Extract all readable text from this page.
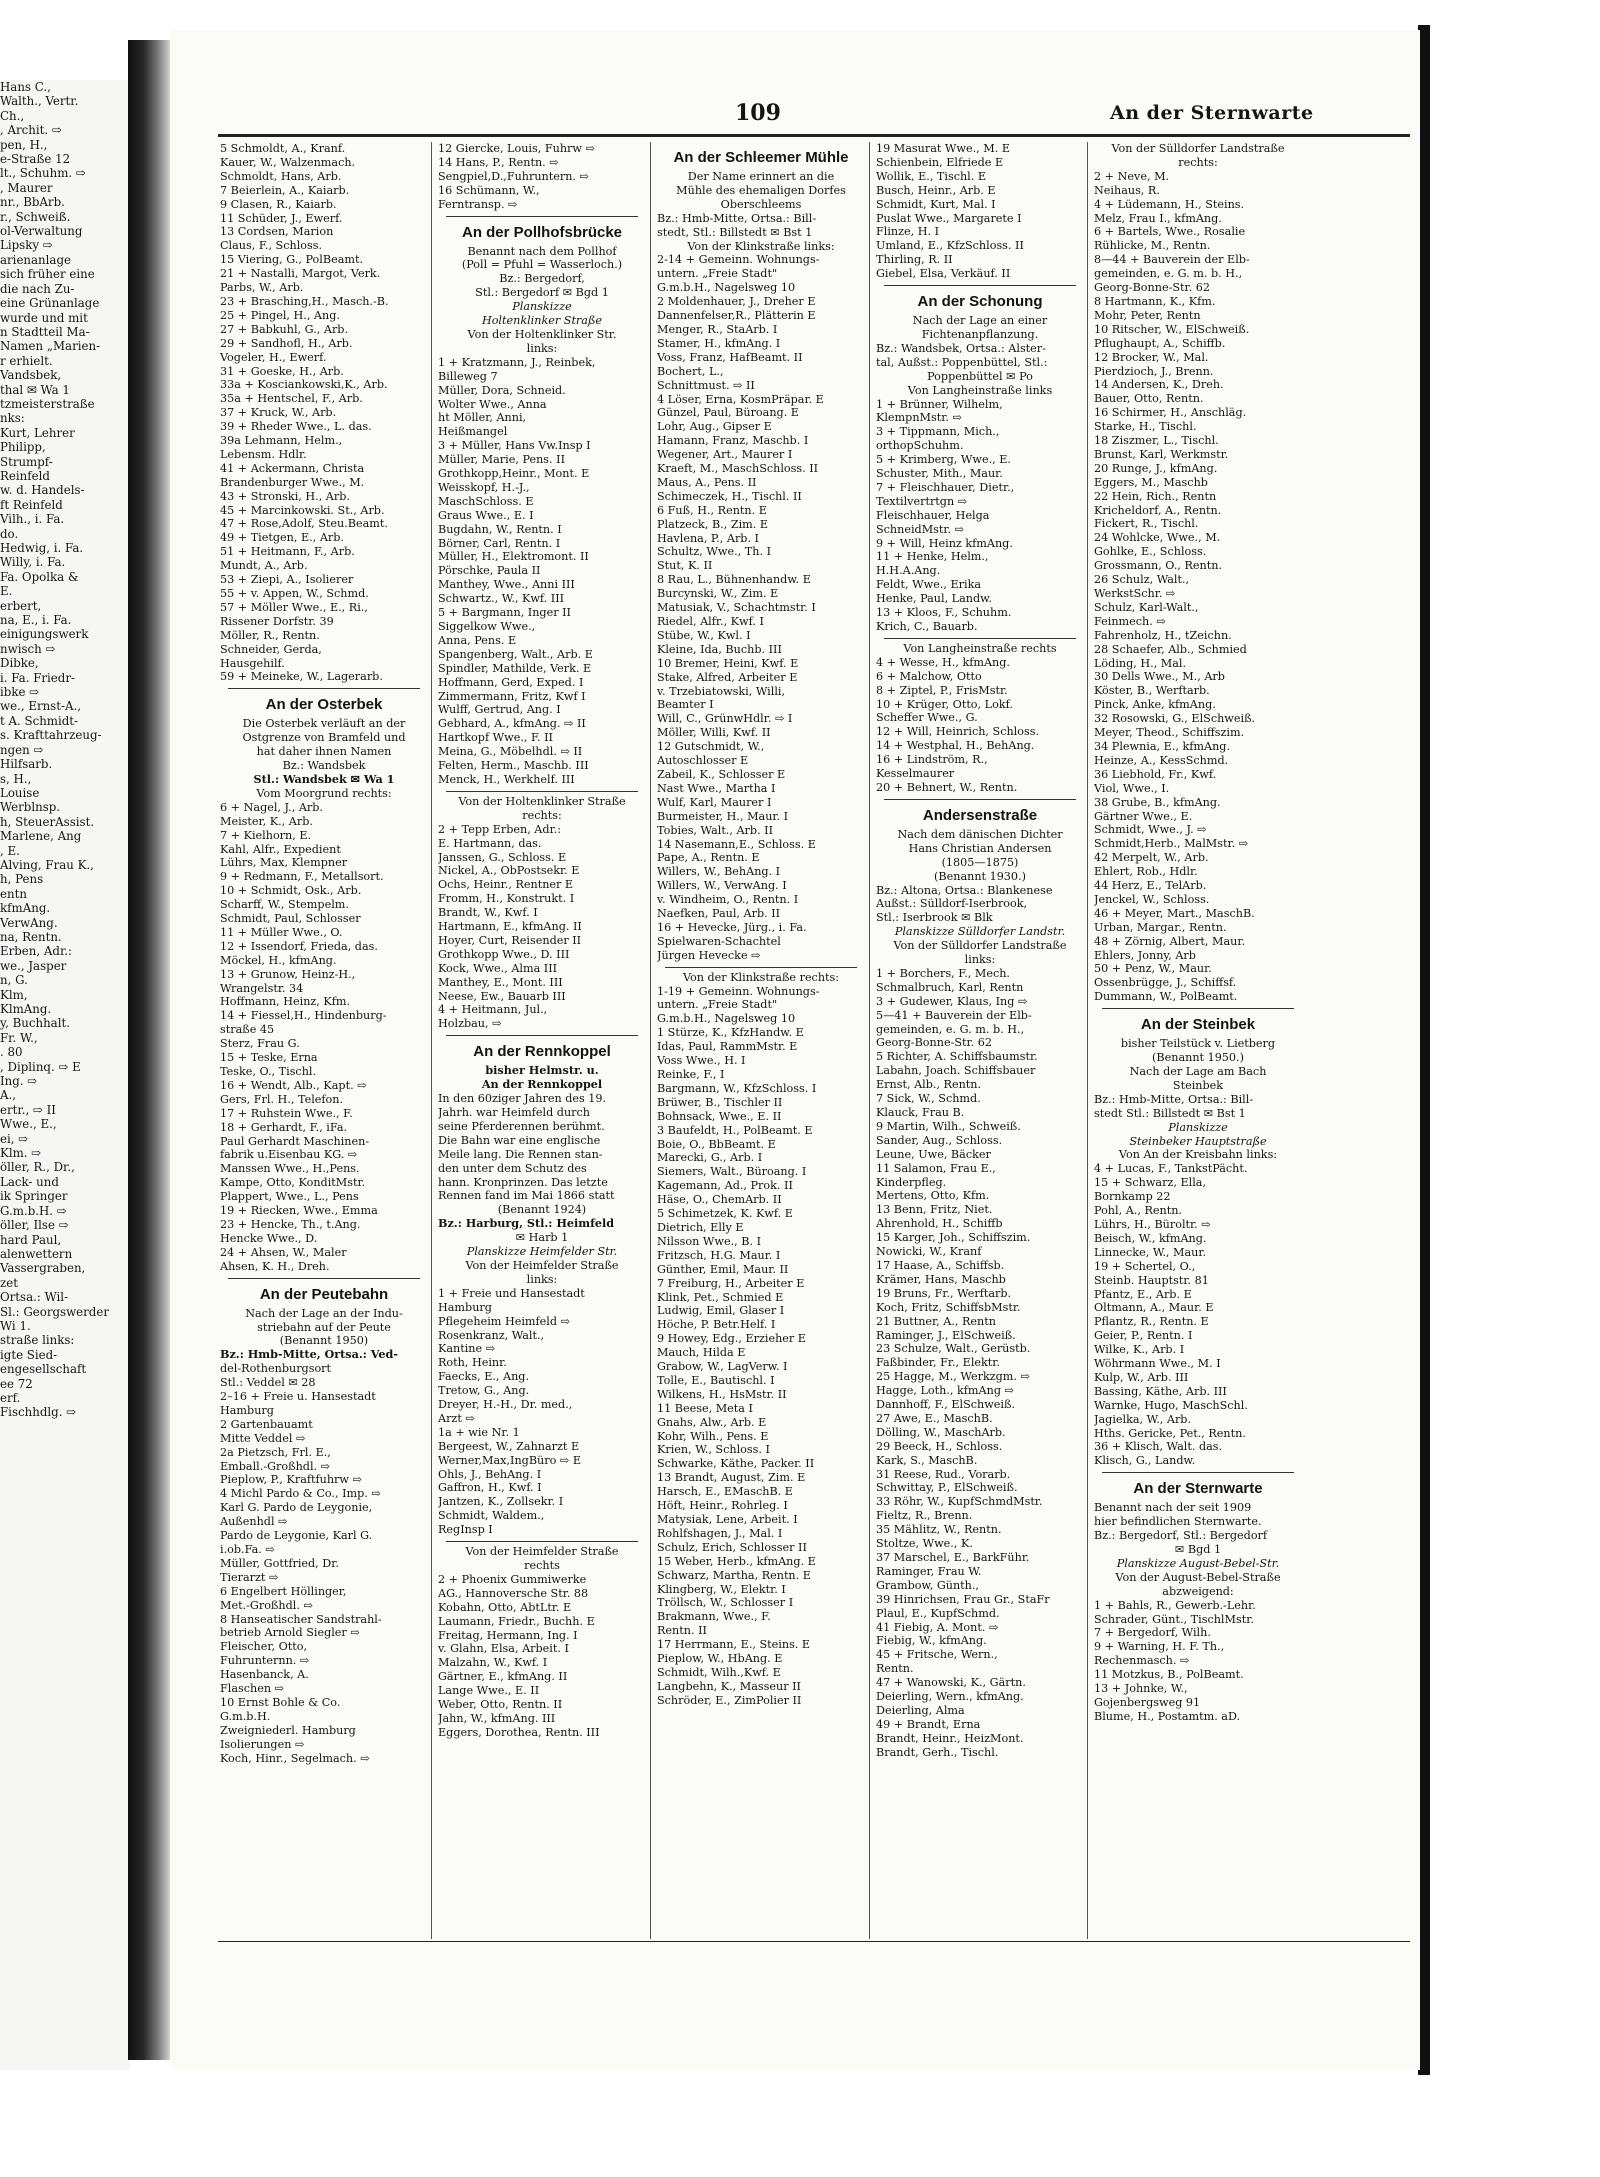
Hans C.,
Walth., Vertr.
Ch.,
, Archit. ⇨
pen, H.,
e-Straße 12
lt., Schuhm. ⇨
, Maurer
nr., BbArb.
r., Schweiß.
ol-Verwaltung
Lipsky ⇨
arienanlage
sich früher eine
die nach Zu-
eine Grünanlage
wurde und mit
n Stadtteil Ma-
Namen „Marien-
r erhielt.
Vandsbek,
thal ✉ Wa 1
tzmeisterstraße
nks:
Kurt, Lehrer
Philipp,
Strumpf-
Reinfeld
w. d. Handels-
ft Reinfeld
Vilh., i. Fa.
do.
Hedwig, i. Fa.
Willy, i. Fa.
Fa. Opolka &
E.
erbert,
na, E., i. Fa.
einigungswerk
nwisch ⇨
Dibke,
i. Fa. Friedr-
ibke ⇨
we., Ernst-A.,
t A. Schmidt-
s. Krafttahrzeug-
ngen ⇨
Hilfsarb.
s, H.,
Louise
Werblnsp.
h, SteuerAssist.
Marlene, Ang
, E.
Alving, Frau K.,
h, Pens
entn
kfmAng.
VerwAng.
na, Rentn.
Erben, Adr.:
we., Jasper
n, G.
Klm,
KlmAng.
y, Buchhalt.
Fr. W.,
. 80
, Diplinq. ⇨ E
Ing. ⇨
A.,
ertr., ⇨ II
Wwe., E.,
ei, ⇨
Klm. ⇨
öller, R., Dr.,
Lack- und
ik Springer
G.m.b.H. ⇨
öller, Ilse ⇨
hard Paul,
alenwettern
Vassergraben,
zet
Ortsa.: Wil-
Sl.: Georgswerder
Wi 1.
straße links:
igte Sied-
engesellschaft
ee 72
erf.
Fischhdlg. ⇨
109	An der Sternwarte
5 Schmoldt, A., Kranf.
Kauer, W., Walzenmach.
Schmoldt, Hans, Arb.
7 Beierlein, A., Kaiarb.
9 Clasen, R., Kaiarb.
11 Schüder, J., Ewerf.
13 Cordsen, Marion
Claus, F., Schloss.
15 Viering, G., PolBeamt.
21 + Nastalli, Margot, Verk.
Parbs, W., Arb.
23 + Brasching,H., Masch.-B.
25 + Pingel, H., Ang.
27 + Babkuhl, G., Arb.
29 + Sandhofl, H., Arb.
Vogeler, H., Ewerf.
31 + Goeske, H., Arb.
33a + Kosciankowski,K., Arb.
35a + Hentschel, F., Arb.
37 + Kruck, W., Arb.
39 + Rheder Wwe., L. das.
39a Lehmann, Helm.,
Lebensm. Hdlr.
41 + Ackermann, Christa
Brandenburger Wwe., M.
43 + Stronski, H., Arb.
45 + Marcinkowski. St., Arb.
47 + Rose,Adolf, Steu.Beamt.
49 + Tietgen, E., Arb.
51 + Heitmann, F., Arb.
Mundt, A., Arb.
53 + Ziepi, A., Isolierer
55 + v. Appen, W., Schmd.
57 + Möller Wwe., E., Ri.,
Rissener Dorfstr. 39
Möller, R., Rentn.
Schneider, Gerda,
Hausgehilf.
59 + Meineke, W., Lagerarb.
An der Osterbek
Die Osterbek verläuft an der
Ostgrenze von Bramfeld und
hat daher ihnen Namen
Bz.: Wandsbek
Stl.: Wandsbek ✉ Wa 1
Vom Moorgrund rechts:
6 + Nagel, J., Arb.
Meister, K., Arb.
7 + Kielhorn, E.
Kahl, Alfr., Expedient
Lührs, Max, Klempner
9 + Redmann, F., Metallsort.
10 + Schmidt, Osk., Arb.
Scharff, W., Stempelm.
Schmidt, Paul, Schlosser
11 + Müller Wwe., O.
12 + Issendorf, Frieda, das.
Möckel, H., kfmAng.
13 + Grunow, Heinz-H.,
Wrangelstr. 34
Hoffmann, Heinz, Kfm.
14 + Fiessel,H., Hindenburg-
straße 45
Sterz, Frau G.
15 + Teske, Erna
Teske, O., Tischl.
16 + Wendt, Alb., Kapt. ⇨
Gers, Frl. H., Telefon.
17 + Ruhstein Wwe., F.
18 + Gerhardt, F., iFa.
Paul Gerhardt Maschinen-
fabrik u.Eisenbau KG. ⇨
Manssen Wwe., H.,Pens.
Kampe, Otto, KonditMstr.
Plappert, Wwe., L., Pens
19 + Riecken, Wwe., Emma
23 + Hencke, Th., t.Ang.
Hencke Wwe., D.
24 + Ahsen, W., Maler
Ahsen, K. H., Dreh.
An der Peutebahn
Nach der Lage an der Indu-
striebahn auf der Peute
(Benannt 1950)
Bz.: Hmb-Mitte, Ortsa.: Ved-
del-Rothenburgsort
Stl.: Veddel ✉ 28
2–16 + Freie u. Hansestadt
Hamburg
2 Gartenbauamt
Mitte Veddel ⇨
2a Pietzsch, Frl. E.,
Emball.-Großhdl. ⇨
Pieplow, P., Kraftfuhrw ⇨
4 Michl Pardo & Co., Imp. ⇨
Karl G. Pardo de Leygonie,
Außenhdl ⇨
Pardo de Leygonie, Karl G.
i.ob.Fa. ⇨
Müller, Gottfried, Dr.
Tierarzt ⇨
6 Engelbert Höllinger,
Met.-Großhdl. ⇨
8 Hanseatischer Sandstrahl-
betrieb Arnold Siegler ⇨
Fleischer, Otto,
Fuhrunternn. ⇨
Hasenbanck, A.
Flaschen ⇨
10 Ernst Bohle & Co.
G.m.b.H.
Zweigniederl. Hamburg
Isolierungen ⇨
Koch, Hinr., Segelmach. ⇨
12 Giercke, Louis, Fuhrw ⇨
14 Hans, P., Rentn. ⇨
Sengpiel,D.,Fuhruntern. ⇨
16 Schümann, W.,
Ferntransp. ⇨
An der Pollhofsbrücke
Benannt nach dem Pollhof
(Poll = Pfuhl = Wasserloch.)
Bz.: Bergedorf,
Stl.: Bergedorf ✉ Bgd 1
Planskizze
Holtenklinker Straße
Von der Holtenklinker Str.
links:
1 + Kratzmann, J., Reinbek,
Billeweg 7
Müller, Dora, Schneid.
Wolter Wwe., Anna
ht Möller, Anni,
Heißmangel
3 + Müller, Hans Vw.Insp I
Müller, Marie, Pens. II
Grothkopp,Heinr., Mont. E
Weisskopf, H.-J.,
MaschSchloss. E
Graus Wwe., E. I
Bugdahn, W., Rentn. I
Börner, Carl, Rentn. I
Müller, H., Elektromont. II
Pörschke, Paula II
Manthey, Wwe., Anni III
Schwartz., W., Kwf. III
5 + Bargmann, Inger II
Siggelkow Wwe.,
Anna, Pens. E
Spangenberg, Walt., Arb. E
Spindler, Mathilde, Verk. E
Hoffmann, Gerd, Exped. I
Zimmermann, Fritz, Kwf I
Wulff, Gertrud, Ang. I
Gebhard, A., kfmAng. ⇨ II
Hartkopf Wwe., F. II
Meina, G., Möbelhdl. ⇨ II
Felten, Herm., Maschb. III
Menck, H., Werkhelf. III
Von der Holtenklinker Straße
rechts:
2 + Tepp Erben, Adr.:
E. Hartmann, das.
Janssen, G., Schloss. E
Nickel, A., ObPostsekr. E
Ochs, Heinr., Rentner E
Fromm, H., Konstrukt. I
Brandt, W., Kwf. I
Hartmann, E., kfmAng. II
Hoyer, Curt, Reisender II
Grothkopp Wwe., D. III
Kock, Wwe., Alma III
Manthey, E., Mont. III
Neese, Ew., Bauarb III
4 + Heitmann, Jul.,
Holzbau, ⇨
An der Rennkoppel
bisher Helmstr. u.
An der Rennkoppel
In den 60ziger Jahren des 19.
Jahrh. war Heimfeld durch
seine Pferderennen berühmt.
Die Bahn war eine englische
Meile lang. Die Rennen stan-
den unter dem Schutz des
hann. Kronprinzen. Das letzte
Rennen fand im Mai 1866 statt
(Benannt 1924)
Bz.: Harburg, Stl.: Heimfeld
✉ Harb 1
Planskizze Heimfelder Str.
Von der Heimfelder Straße
links:
1 + Freie und Hansestadt
Hamburg
Pflegeheim Heimfeld ⇨
Rosenkranz, Walt.,
Kantine ⇨
Roth, Heinr.
Faecks, E., Ang.
Tretow, G., Ang.
Dreyer, H.-H., Dr. med.,
Arzt ⇨
1a + wie Nr. 1
Bergeest, W., Zahnarzt E
Werner,Max,IngBüro ⇨ E
Ohls, J., BehAng. I
Gaffron, H., Kwf. I
Jantzen, K., Zollsekr. I
Schmidt, Waldem.,
RegInsp I
Von der Heimfelder Straße
rechts
2 + Phoenix Gummiwerke
AG., Hannoversche Str. 88
Kobahn, Otto, AbtLtr. E
Laumann, Friedr., Buchh. E
Freitag, Hermann, Ing. I
v. Glahn, Elsa, Arbeit. I
Malzahn, W., Kwf. I
Gärtner, E., kfmAng. II
Lange Wwe., E. II
Weber, Otto, Rentn. II
Jahn, W., kfmAng. III
Eggers, Dorothea, Rentn. III
An der Schleemer Mühle
Der Name erinnert an die
Mühle des ehemaligen Dorfes
Oberschleems
Bz.: Hmb-Mitte, Ortsa.: Bill-
stedt, Stl.: Billstedt ✉ Bst 1
Von der Klinkstraße links:
2-14 + Gemeinn. Wohnungs-
untern. „Freie Stadt"
G.m.b.H., Nagelsweg 10
2 Moldenhauer, J., Dreher E
Dannenfelser,R., Plätterin E
Menger, R., StaArb. I
Stamer, H., kfmAng. I
Voss, Franz, HafBeamt. II
Bochert, L.,
Schnittmust. ⇨ II
4 Löser, Erna, KosmPräpar. E
Günzel, Paul, Büroang. E
Lohr, Aug., Gipser E
Hamann, Franz, Maschb. I
Wegener, Art., Maurer I
Kraeft, M., MaschSchloss. II
Maus, A., Pens. II
Schimeczek, H., Tischl. II
6 Fuß, H., Rentn. E
Platzeck, B., Zim. E
Havlena, P., Arb. I
Schultz, Wwe., Th. I
Stut, K. II
8 Rau, L., Bühnenhandw. E
Burcynski, W., Zim. E
Matusiak, V., Schachtmstr. I
Riedel, Alfr., Kwf. I
Stübe, W., Kwl. I
Kleine, Ida, Buchb. III
10 Bremer, Heini, Kwf. E
Stake, Alfred, Arbeiter E
v. Trzebiatowski, Willi,
Beamter I
Will, C., GrünwHdlr. ⇨ I
Möller, Willi, Kwf. II
12 Gutschmidt, W.,
Autoschlosser E
Zabeil, K., Schlosser E
Nast Wwe., Martha I
Wulf, Karl, Maurer I
Burmeister, H., Maur. I
Tobies, Walt., Arb. II
14 Nasemann,E., Schloss. E
Pape, A., Rentn. E
Willers, W., BehAng. I
Willers, W., VerwAng. I
v. Windheim, O., Rentn. I
Naefken, Paul, Arb. II
16 + Hevecke, Jürg., i. Fa.
Spielwaren-Schachtel
Jürgen Hevecke ⇨
Von der Klinkstraße rechts:
1-19 + Gemeinn. Wohnungs-
untern. „Freie Stadt"
G.m.b.H., Nagelsweg 10
1 Stürze, K., KfzHandw. E
Idas, Paul, RammMstr. E
Voss Wwe., H. I
Reinke, F., I
Bargmann, W., KfzSchloss. I
Brüwer, B., Tischler II
Bohnsack, Wwe., E. II
3 Baufeldt, H., PolBeamt. E
Boie, O., BbBeamt. E
Marecki, G., Arb. I
Siemers, Walt., Büroang. I
Kagemann, Ad., Prok. II
Häse, O., ChemArb. II
5 Schimetzek, K. Kwf. E
Dietrich, Elly E
Nilsson Wwe., B. I
Fritzsch, H.G. Maur. I
Günther, Emil, Maur. II
7 Freiburg, H., Arbeiter E
Klink, Pet., Schmied E
Ludwig, Emil, Glaser I
Höche, P. Betr.Helf. I
9 Howey, Edg., Erzieher E
Mauch, Hilda E
Grabow, W., LagVerw. I
Tolle, E., Bautischl. I
Wilkens, H., HsMstr. II
11 Beese, Meta I
Gnahs, Alw., Arb. E
Kohr, Wilh., Pens. E
Krien, W., Schloss. I
Schwarke, Käthe, Packer. II
13 Brandt, August, Zim. E
Harsch, E., EMaschB. E
Höft, Heinr., Rohrleg. I
Matysiak, Lene, Arbeit. I
Rohlfshagen, J., Mal. I
Schulz, Erich, Schlosser II
15 Weber, Herb., kfmAng. E
Schwarz, Martha, Rentn. E
Klingberg, W., Elektr. I
Tröllsch, W., Schlosser I
Brakmann, Wwe., F.
Rentn. II
17 Herrmann, E., Steins. E
Pieplow, W., HbAng. E
Schmidt, Wilh.,Kwf. E
Langbehn, K., Masseur II
Schröder, E., ZimPolier II
19 Masurat Wwe., M. E
Schienbein, Elfriede E
Wollik, E., Tischl. E
Busch, Heinr., Arb. E
Schmidt, Kurt, Mal. I
Puslat Wwe., Margarete I
Flinze, H. I
Umland, E., KfzSchloss. II
Thirling, R. II
Giebel, Elsa, Verkäuf. II
An der Schonung
Nach der Lage an einer
Fichtenanpflanzung.
Bz.: Wandsbek, Ortsa.: Alster-
tal, Außst.: Poppenbüttel, Stl.:
Poppenbüttel ✉ Po
Von Langheinstraße links
1 + Brünner, Wilhelm,
KlempnMstr. ⇨
3 + Tippmann, Mich.,
orthopSchuhm.
5 + Krimberg, Wwe., E.
Schuster, Mith., Maur.
7 + Fleischhauer, Dietr.,
Textilvertrtgn ⇨
Fleischhauer, Helga
SchneidMstr. ⇨
9 + Will, Heinz kfmAng.
11 + Henke, Helm.,
H.H.A.Ang.
Feldt, Wwe., Erika
Henke, Paul, Landw.
13 + Kloos, F., Schuhm.
Krich, C., Bauarb.
Von Langheinstraße rechts
4 + Wesse, H., kfmAng.
6 + Malchow, Otto
8 + Ziptel, P., FrisMstr.
10 + Krüger, Otto, Lokf.
Scheffer Wwe., G.
12 + Will, Heinrich, Schloss.
14 + Westphal, H., BehAng.
16 + Lindström, R.,
Kesselmaurer
20 + Behnert, W., Rentn.
Andersenstraße
Nach dem dänischen Dichter
Hans Christian Andersen
(1805—1875)
(Benannt 1930.)
Bz.: Altona, Ortsa.: Blankenese
Außst.: Sülldorf-Iserbrook,
Stl.: Iserbrook ✉ Blk
Planskizze Sülldorfer Landstr.
Von der Sülldorfer Landstraße
links:
1 + Borchers, F., Mech.
Schmalbruch, Karl, Rentn
3 + Gudewer, Klaus, Ing ⇨
5—41 + Bauverein der Elb-
gemeinden, e. G. m. b. H.,
Georg-Bonne-Str. 62
5 Richter, A. Schiffsbaumstr.
Labahn, Joach. Schiffsbauer
Ernst, Alb., Rentn.
7 Sick, W., Schmd.
Klauck, Frau B.
9 Martin, Wilh., Schweiß.
Sander, Aug., Schloss.
Leune, Uwe, Bäcker
11 Salamon, Frau E.,
Kinderpfleg.
Mertens, Otto, Kfm.
13 Benn, Fritz, Niet.
Ahrenhold, H., Schiffb
15 Karger, Joh., Schiffszim.
Nowicki, W., Kranf
17 Haase, A., Schiffsb.
Krämer, Hans, Maschb
19 Bruns, Fr., Werftarb.
Koch, Fritz, SchiffsbMstr.
21 Buttner, A., Rentn
Raminger, J., ElSchweiß.
23 Schulze, Walt., Gerüstb.
Faßbinder, Fr., Elektr.
25 Hagge, M., Werkzgm. ⇨
Hagge, Loth., kfmAng ⇨
Dannhoff, F., ElSchweiß.
27 Awe, E., MaschB.
Dölling, W., MaschArb.
29 Beeck, H., Schloss.
Kark, S., MaschB.
31 Reese, Rud., Vorarb.
Schwittay, P., ElSchweiß.
33 Röhr, W., KupfSchmdMstr.
Fieltz, R., Brenn.
35 Mählitz, W., Rentn.
Stoltze, Wwe., K.
37 Marschel, E., BarkFühr.
Raminger, Frau W.
Grambow, Günth.,
39 Hinrichsen, Frau Gr., StaFr
Plaul, E., KupfSchmd.
41 Fiebig, A. Mont. ⇨
Fiebig, W., kfmAng.
45 + Fritsche, Wern.,
Rentn.
47 + Wanowski, K., Gärtn.
Deierling, Wern., kfmAng.
Deierling, Alma
49 + Brandt, Erna
Brandt, Heinr., HeizMont.
Brandt, Gerh., Tischl.
Von der Sülldorfer Landstraße
rechts:
2 + Neve, M.
Neihaus, R.
4 + Lüdemann, H., Steins.
Melz, Frau I., kfmAng.
6 + Bartels, Wwe., Rosalie
Rühlicke, M., Rentn.
8—44 + Bauverein der Elb-
gemeinden, e. G. m. b. H.,
Georg-Bonne-Str. 62
8 Hartmann, K., Kfm.
Mohr, Peter, Rentn
10 Ritscher, W., ElSchweiß.
Pflughaupt, A., Schiffb.
12 Brocker, W., Mal.
Pierdzioch, J., Brenn.
14 Andersen, K., Dreh.
Bauer, Otto, Rentn.
16 Schirmer, H., Anschläg.
Starke, H., Tischl.
18 Ziszmer, L., Tischl.
Brunst, Karl, Werkmstr.
20 Runge, J., kfmAng.
Eggers, M., Maschb
22 Hein, Rich., Rentn
Kricheldorf, A., Rentn.
Fickert, R., Tischl.
24 Wohlcke, Wwe., M.
Gohlke, E., Schloss.
Grossmann, O., Rentn.
26 Schulz, Walt.,
WerkstSchr. ⇨
Schulz, Karl-Walt.,
Feinmech. ⇨
Fahrenholz, H., tZeichn.
28 Schaefer, Alb., Schmied
Löding, H., Mal.
30 Dells Wwe., M., Arb
Köster, B., Werftarb.
Pinck, Anke, kfmAng.
32 Rosowski, G., ElSchweiß.
Meyer, Theod., Schiffszim.
34 Plewnia, E., kfmAng.
Heinze, A., KessSchmd.
36 Liebhold, Fr., Kwf.
Viol, Wwe., I.
38 Grube, B., kfmAng.
Gärtner Wwe., E.
Schmidt, Wwe., J. ⇨
Schmidt,Herb., MalMstr. ⇨
42 Merpelt, W., Arb.
Ehlert, Rob., Hdlr.
44 Herz, E., TelArb.
Jenckel, W., Schloss.
46 + Meyer, Mart., MaschB.
Urban, Margar., Rentn.
48 + Zörnig, Albert, Maur.
Ehlers, Jonny, Arb
50 + Penz, W., Maur.
Ossenbrügge, J., Schiffsf.
Dummann, W., PolBeamt.
An der Steinbek
bisher Teilstück v. Lietberg
(Benannt 1950.)
Nach der Lage am Bach
Steinbek
Bz.: Hmb-Mitte, Ortsa.: Bill-
stedt Stl.: Billstedt ✉ Bst 1
Planskizze
Steinbeker Hauptstraße
Von An der Kreisbahn links:
4 + Lucas, F., TankstPächt.
15 + Schwarz, Ella,
Bornkamp 22
Pohl, A., Rentn.
Lührs, H., Büroltr. ⇨
Beisch, W., kfmAng.
Linnecke, W., Maur.
19 + Schertel, O.,
Steinb. Hauptstr. 81
Pfantz, E., Arb. E
Oltmann, A., Maur. E
Pflantz, R., Rentn. E
Geier, P., Rentn. I
Wilke, K., Arb. I
Wöhrmann Wwe., M. I
Kulp, W., Arb. III
Bassing, Käthe, Arb. III
Warnke, Hugo, MaschSchl.
Jagielka, W., Arb.
Hths. Gericke, Pet., Rentn.
36 + Klisch, Walt. das.
Klisch, G., Landw.
An der Sternwarte
Benannt nach der seit 1909
hier befindlichen Sternwarte.
Bz.: Bergedorf, Stl.: Bergedorf
✉ Bgd 1
Planskizze August-Bebel-Str.
Von der August-Bebel-Straße
abzweigend:
1 + Bahls, R., Gewerb.-Lehr.
Schrader, Günt., TischlMstr.
7 + Bergedorf, Wilh.
9 + Warning, H. F. Th.,
Rechenmasch. ⇨
11 Motzkus, B., PolBeamt.
13 + Johnke, W.,
Gojenbergsweg 91
Blume, H., Postamtm. aD.
